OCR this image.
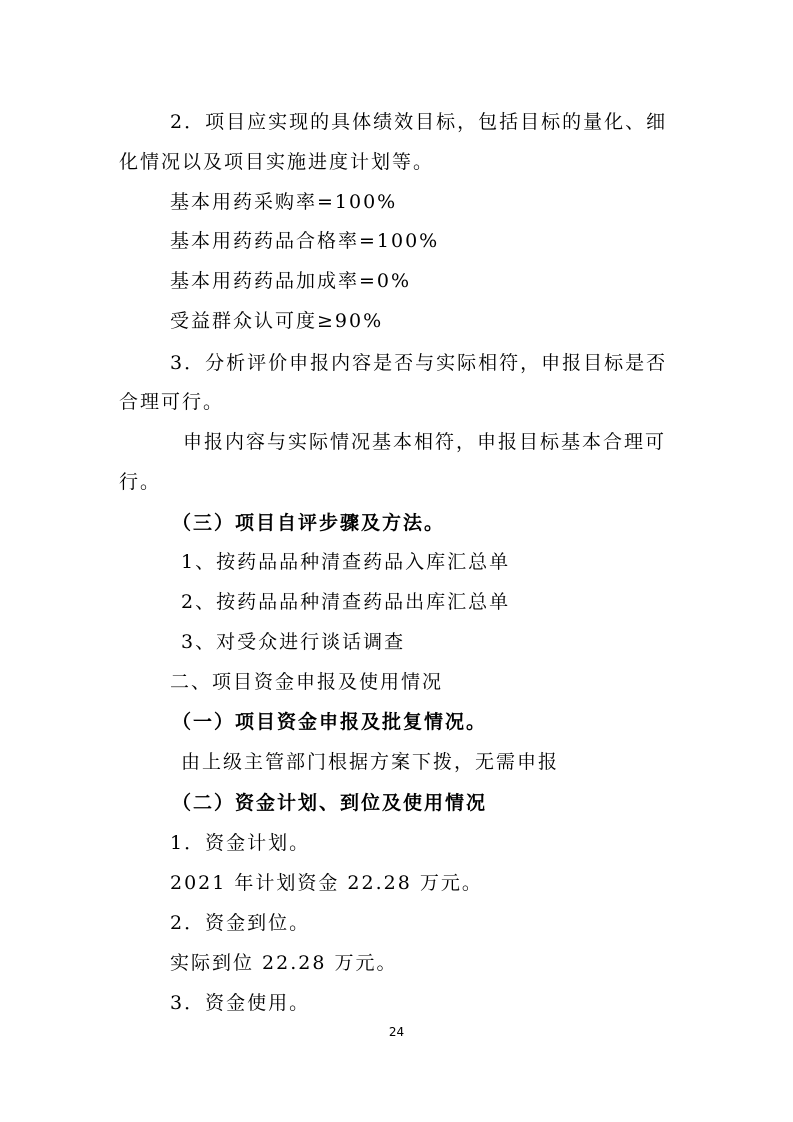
2．项目应实现的具体绩效目标，包括目标的量化、细
化情况以及项目实施进度计划等。
基本用药采购率=100%
基本用药药品合格率=100%
基本用药药品加成率=0%
受益群众认可度≥90%
3．分析评价申报内容是否与实际相符，申报目标是否
合理可行。
申报内容与实际情况基本相符，申报目标基本合理可
行。
（三）项目自评步骤及方法。
1、按药品品种清查药品入库汇总单
2、按药品品种清查药品出库汇总单
3、对受众进行谈话调查
二、项目资金申报及使用情况
（一）项目资金申报及批复情况。
由上级主管部门根据方案下拨，无需申报
（二）资金计划、到位及使用情况
1．资金计划。
2021 年计划资金 22.28 万元。
2．资金到位。
实际到位 22.28 万元。
3．资金使用。
24
